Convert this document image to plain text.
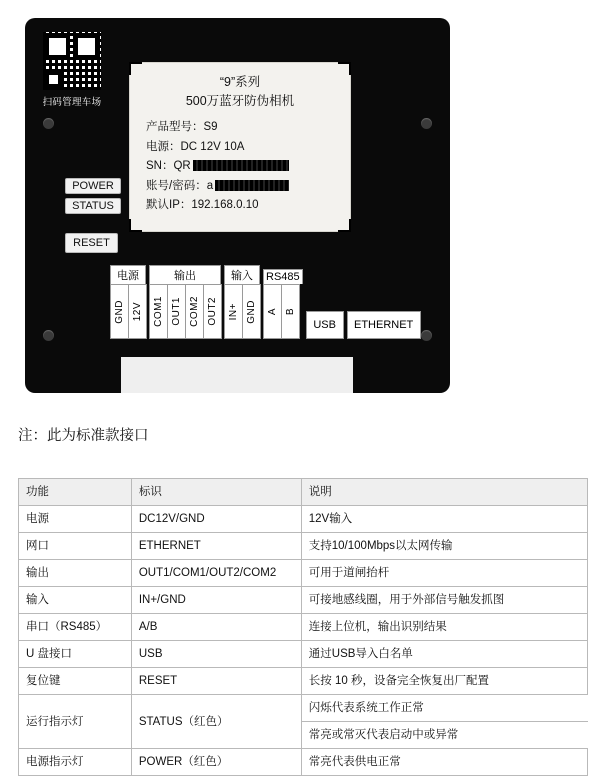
扫码管理车场
“9”系列
500万蓝牙防伪相机
产品型号：S9
电源：DC 12V 10A
SN：QR
账号/密码：a
默认IP：192.168.0.10
POWER
STATUS
RESET
电源
GND 12V
输出
COM1 OUT1 COM2 OUT2
输入
IN+ GND
RS485
A B
USB	ETHERNET
注：此为标准款接口
功能	标识	说明
电源	DC12V/GND	12V输入
网口	ETHERNET	支持10/100Mbps以太网传输
输出	OUT1/COM1/OUT2/COM2	可用于道闸抬杆
输入	IN+/GND	可接地感线圈，用于外部信号触发抓图
串口（RS485）	A/B	连接上位机，输出识别结果
U 盘接口	USB	通过USB导入白名单
复位键	RESET	长按 10 秒，设备完全恢复出厂配置
运行指示灯	STATUS（红色）	闪烁代表系统工作正常
常亮或常灭代表启动中或异常

电源指示灯	POWER（红色）	常亮代表供电正常
